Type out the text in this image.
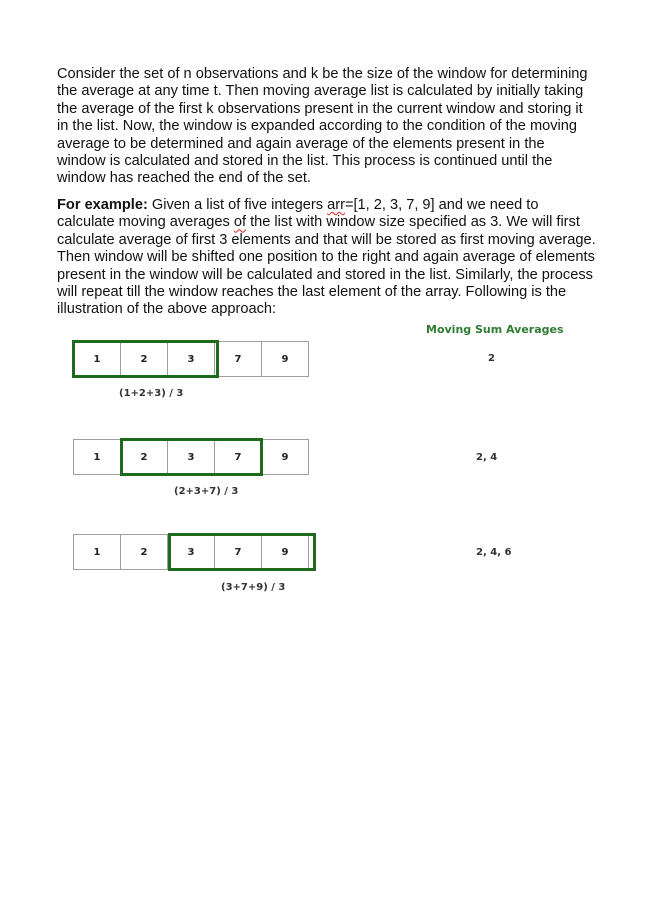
Consider the set of n observations and k be the size of the window for determining the average at any time t. Then moving average list is calculated by initially taking the average of the first k observations present in the current window and storing it in the list. Now, the window is expanded according to the condition of the moving average to be determined and again average of the elements present in the window is calculated and stored in the list. This process is continued until the window has reached the end of the set.

For example: Given a list of five integers arr=[1, 2, 3, 7, 9] and we need to calculate moving averages of the list with window size specified as 3. We will first calculate average of first 3 elements and that will be stored as first moving average. Then window will be shifted one position to the right and again average of elements present in the window will be calculated and stored in the list. Similarly, the process will repeat till the window reaches the last element of the array. Following is the illustration of the above approach:

Moving Sum Averages
1	2	3	7	9
(1+2+3) / 3
2
1	2	3	7	9
(2+3+7) / 3
2, 4
1	2	3	7	9
(3+7+9) / 3
2, 4, 6
